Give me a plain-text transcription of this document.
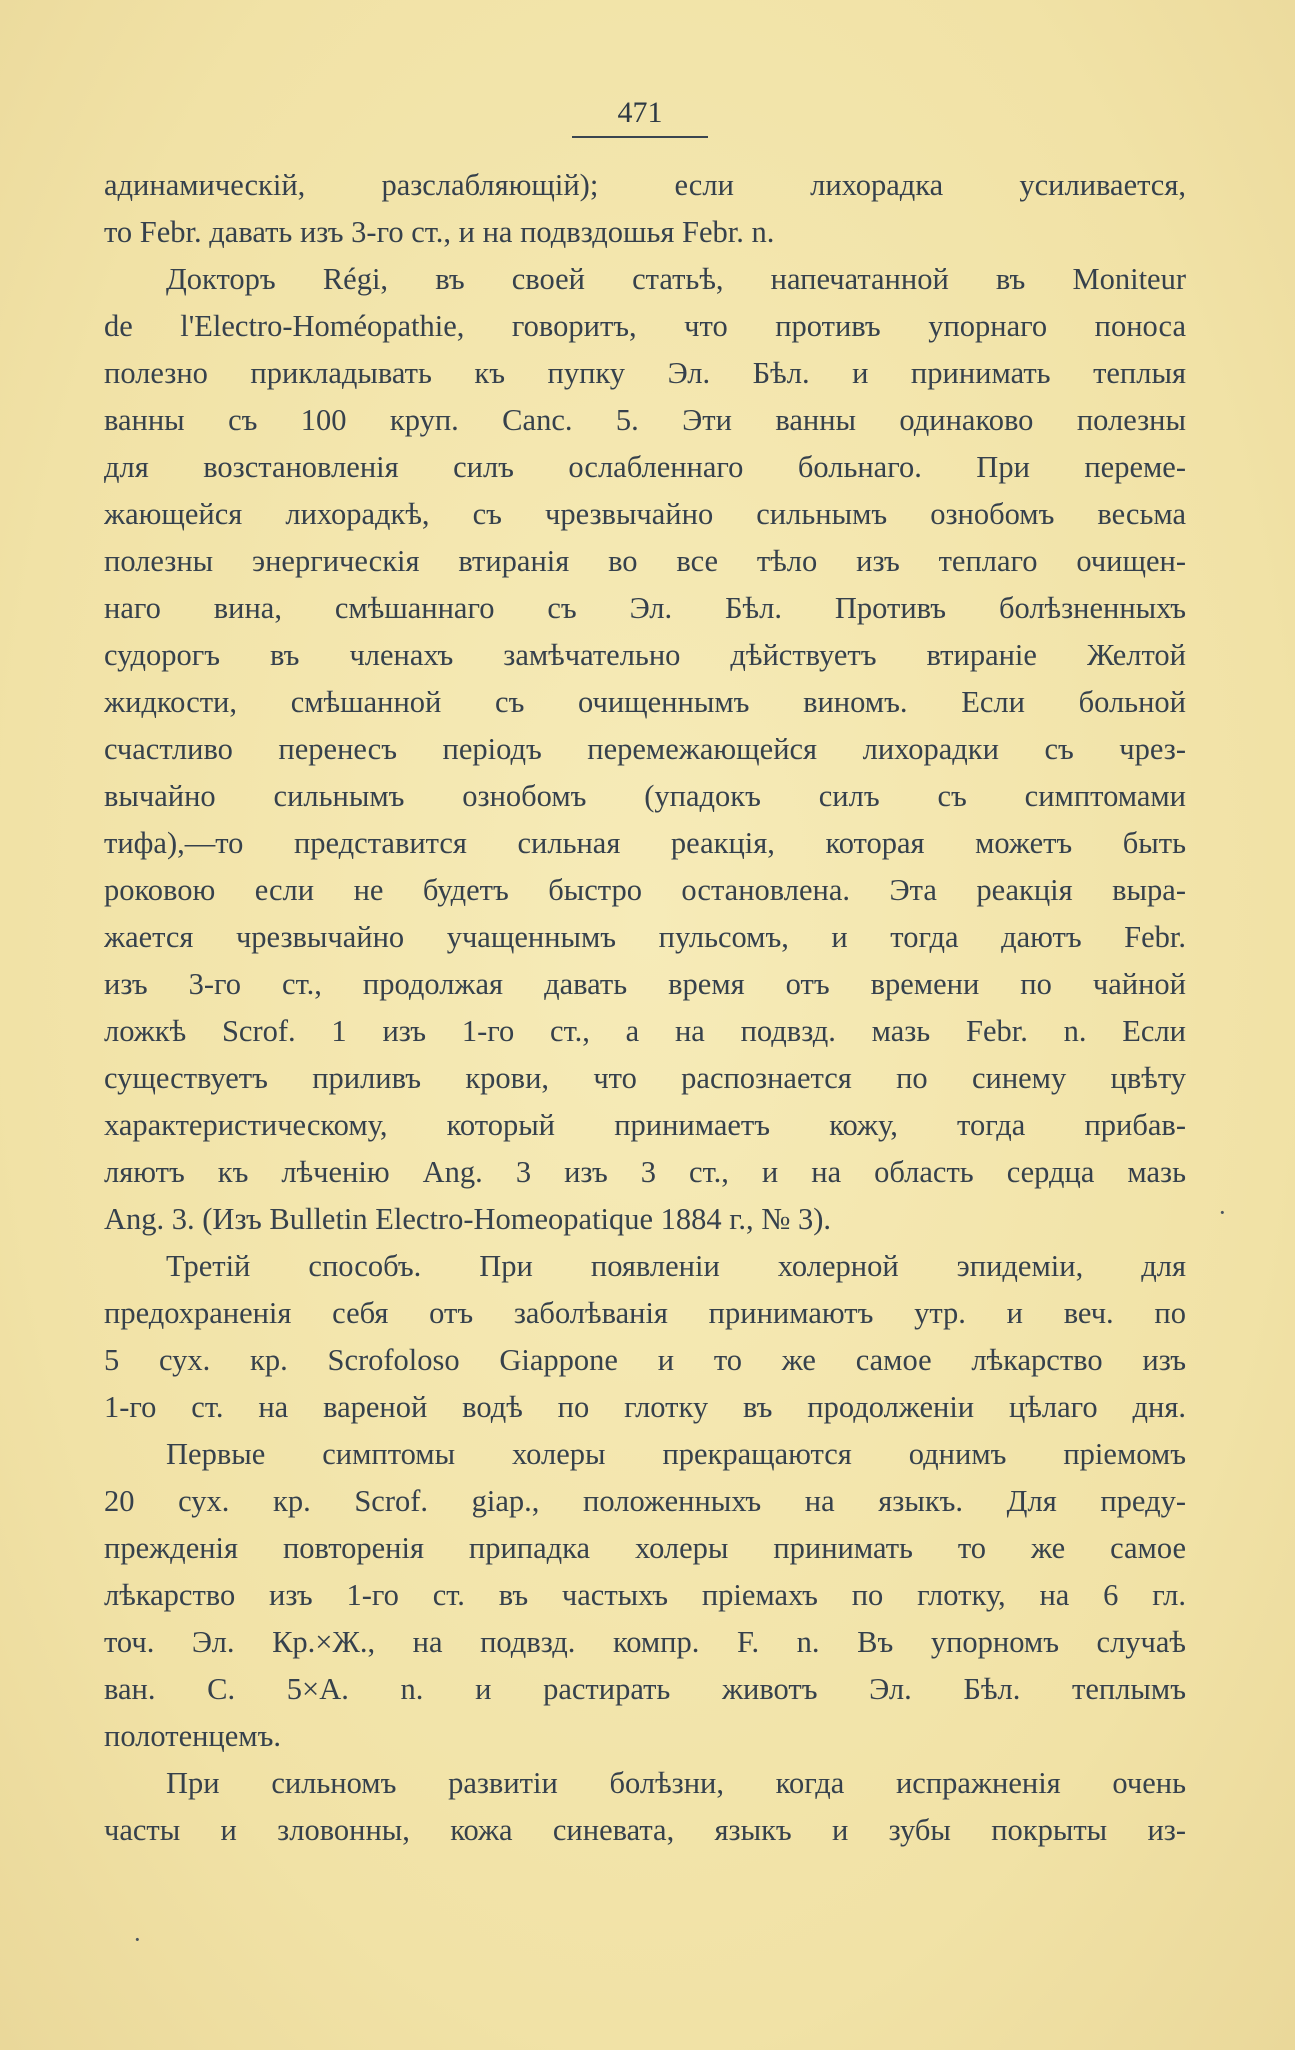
471
адинамическій, разслабляющій); если лихорадка усиливается,
то Febr. давать изъ 3-го ст., и на подвздошья Febr. n.
Докторъ Régi, въ своей статьѣ, напечатанной въ Moniteur
de l'Electro-Homéopathie, говоритъ, что противъ упорнаго поноса
полезно прикладывать къ пупку Эл. Бѣл. и принимать теплыя
ванны съ 100 круп. Canc. 5. Эти ванны одинаково полезны
для возстановленія силъ ослабленнаго больнаго. При переме-
жающейся лихорадкѣ, съ чрезвычайно сильнымъ ознобомъ весьма
полезны энергическія втиранія во все тѣло изъ теплаго очищен-
наго вина, смѣшаннаго съ Эл. Бѣл. Противъ болѣзненныхъ
судорогъ въ членахъ замѣчательно дѣйствуетъ втираніе Желтой
жидкости, смѣшанной съ очищеннымъ виномъ. Если больной
счастливо перенесъ періодъ перемежающейся лихорадки съ чрез-
вычайно сильнымъ ознобомъ (упадокъ силъ съ симптомами
тифа),—то представится сильная реакція, которая можетъ быть
роковою если не будетъ быстро остановлена. Эта реакція выра-
жается чрезвычайно учащеннымъ пульсомъ, и тогда даютъ Febr.
изъ 3-го ст., продолжая давать время отъ времени по чайной
ложкѣ Scrof. 1 изъ 1-го ст., а на подвзд. мазь Febr. n. Если
существуетъ приливъ крови, что распознается по синему цвѣту
характеристическому, который принимаетъ кожу, тогда прибав-
ляютъ къ лѣченію Ang. 3 изъ 3 ст., и на область сердца мазь
Ang. 3. (Изъ Bulletin Electro-Homeopatique 1884 г., № 3).
Третій способъ. При появленіи холерной эпидеміи, для
предохраненія себя отъ заболѣванія принимаютъ утр. и веч. по
5 сух. кр. Scrofoloso Giappone и то же самое лѣкарство изъ
1-го ст. на вареной водѣ по глотку въ продолженіи цѣлаго дня.
Первые симптомы холеры прекращаются однимъ пріемомъ
20 сух. кр. Scrof. giap., положенныхъ на языкъ. Для преду-
прежденія повторенія припадка холеры принимать то же самое
лѣкарство изъ 1-го ст. въ частыхъ пріемахъ по глотку, на 6 гл.
точ. Эл. Кр.×Ж., на подвзд. компр. F. n. Въ упорномъ случаѣ
ван. C. 5×A. n. и растирать животъ Эл. Бѣл. теплымъ
полотенцемъ.
При сильномъ развитіи болѣзни, когда испражненія очень
часты и зловонны, кожа синевата, языкъ и зубы покрыты из-
·
·
